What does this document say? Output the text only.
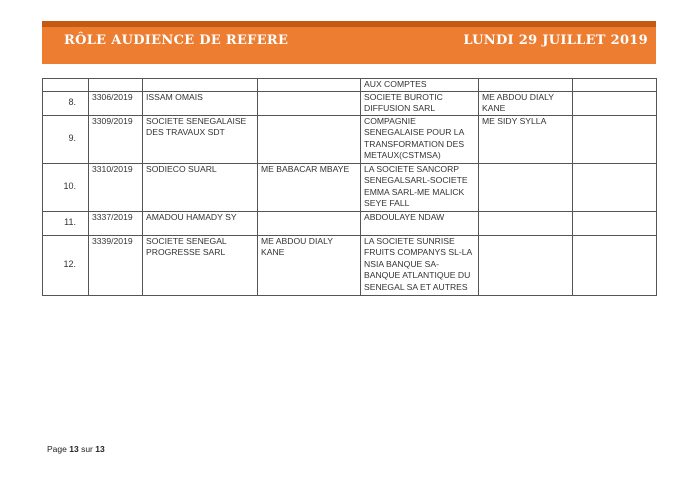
RÔLE AUDIENCE DE REFERE	LUNDI 29 JUILLET 2019
				AUX COMPTES		
8.	3306/2019	ISSAM OMAIS		SOCIETE BUROTIC DIFFUSION SARL	ME ABDOU DIALY KANE	
9.	3309/2019	SOCIETE SENEGALAISE DES TRAVAUX SDT		COMPAGNIE SENEGALAISE POUR LA TRANSFORMATION DES METAUX(CSTMSA)	ME SIDY SYLLA	
10.	3310/2019	SODIECO SUARL	ME BABACAR MBAYE	LA SOCIETE SANCORP SENEGALSARL-SOCIETE EMMA SARL-ME MALICK SEYE FALL		
11.	3337/2019	AMADOU HAMADY SY		ABDOULAYE NDAW		
12.	3339/2019	SOCIETE SENEGAL PROGRESSE SARL	ME ABDOU DIALY KANE	LA SOCIETE SUNRISE FRUITS COMPANYS SL-LA NSIA BANQUE SA-BANQUE ATLANTIQUE DU SENEGAL SA ET AUTRES		
Page 13 sur 13
